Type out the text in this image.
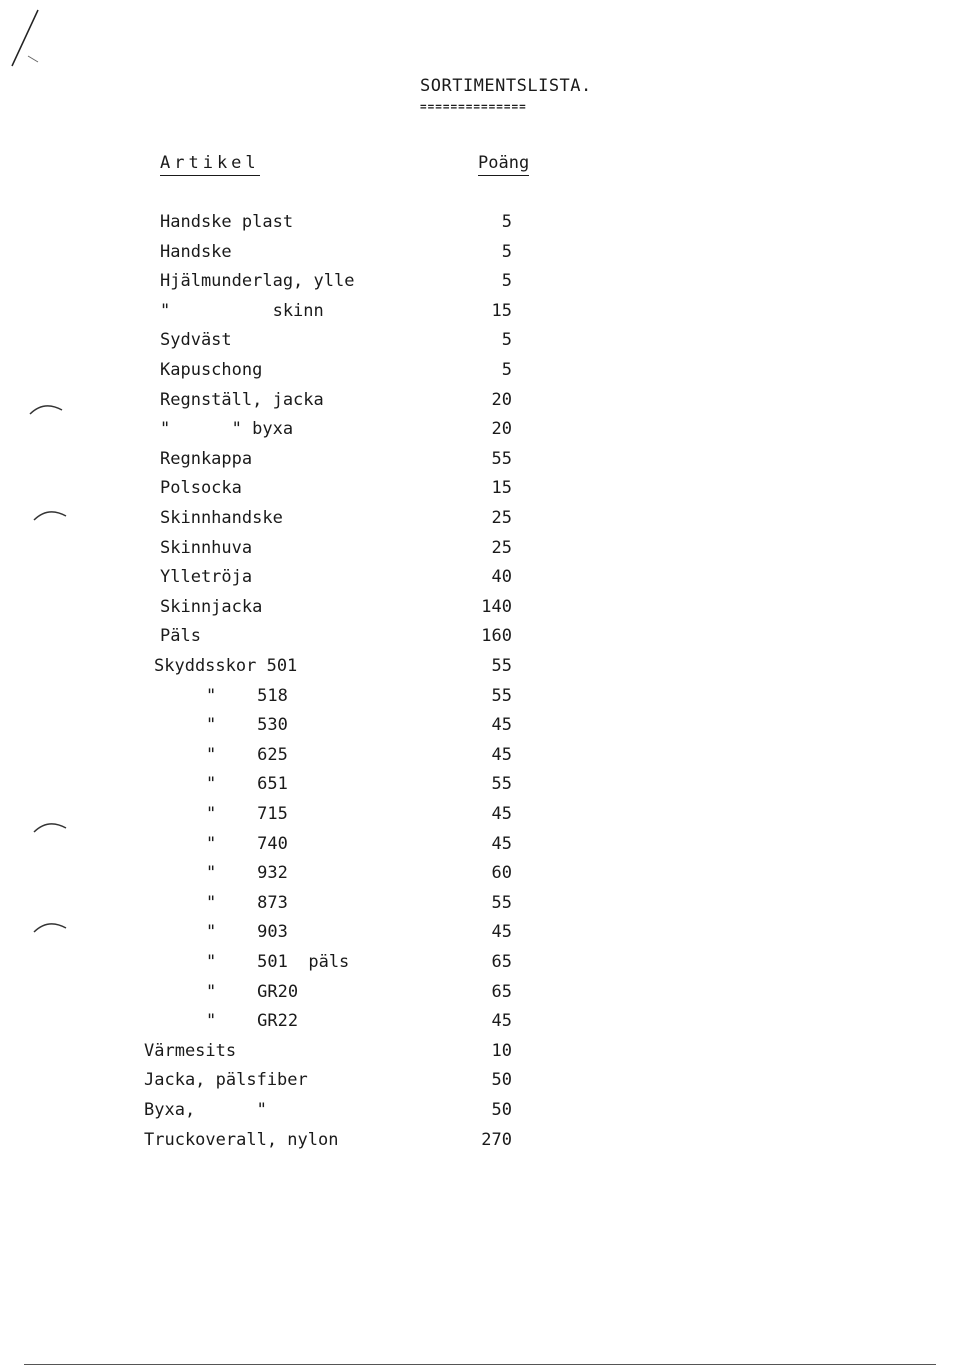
SORTIMENTSLISTA.
==============
Artikel	Poäng
Handske plast	5
Handske	5
Hjälmunderlag, ylle	5
"          skinn	15
Sydväst	5
Kapuschong	5
Regnställ, jacka	20
"      " byxa	20
Regnkappa	55
Polsocka	15
Skinnhandske	25
Skinnhuva	25
Ylletröja	40
Skinnjacka	140
Päls	160
Skyddsskor 501	55
"    518	55
"    530	45
"    625	45
"    651	55
"    715	45
"    740	45
"    932	60
"    873	55
"    903	45
"    501  päls	65
"    GR20	65
"    GR22	45
Värmesits	10
Jacka, pälsfiber	50
Byxa,      "	50
Truckoverall, nylon	270
